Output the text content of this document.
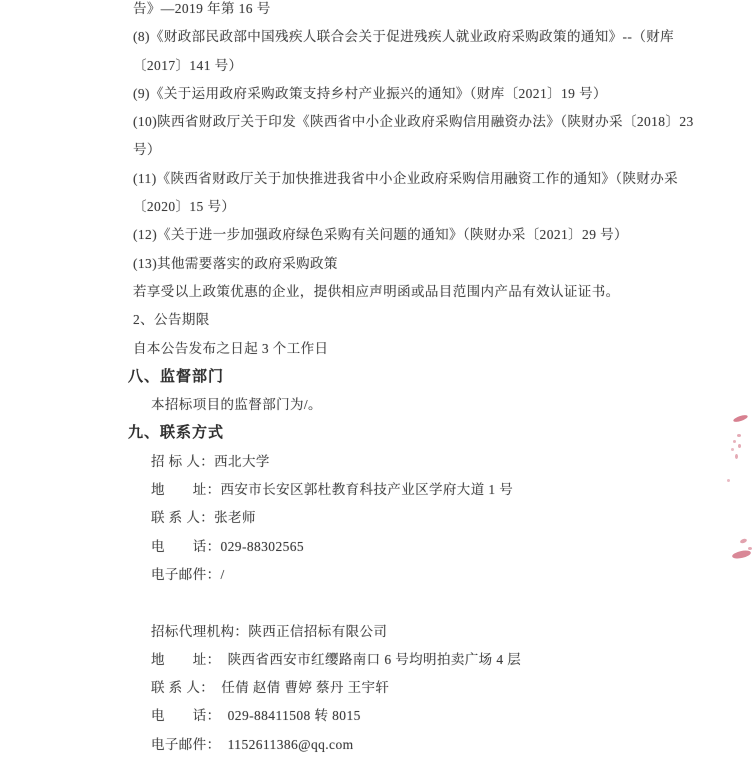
告》—2019 年第 16 号
(8)《财政部民政部中国残疾人联合会关于促进残疾人就业政府采购政策的通知》--（财库
〔2017〕141 号）
(9)《关于运用政府采购政策支持乡村产业振兴的通知》（财库〔2021〕19 号）
(10)陕西省财政厅关于印发《陕西省中小企业政府采购信用融资办法》（陕财办采〔2018〕23
号）
(11)《陕西省财政厅关于加快推进我省中小企业政府采购信用融资工作的通知》（陕财办采
〔2020〕15 号）
(12)《关于进一步加强政府绿色采购有关问题的通知》（陕财办采〔2021〕29 号）
(13)其他需要落实的政府采购政策
若享受以上政策优惠的企业，提供相应声明函或品目范围内产品有效认证证书。
2、公告期限
自本公告发布之日起 3 个工作日
八、监督部门
本招标项目的监督部门为/。
九、联系方式
招 标 人：西北大学
地　　址：西安市长安区郭杜教育科技产业区学府大道 1 号
联 系 人：张老师
电　　话：029-88302565
电子邮件：/
招标代理机构：陕西正信招标有限公司
地　　址：　陕西省西安市红缨路南口 6 号均明拍卖广场 4 层
联 系 人：　任倩 赵倩 曹婷 蔡丹 王宇轩
电　　话：　029-88411508 转 8015
电子邮件：　1152611386@qq.com
